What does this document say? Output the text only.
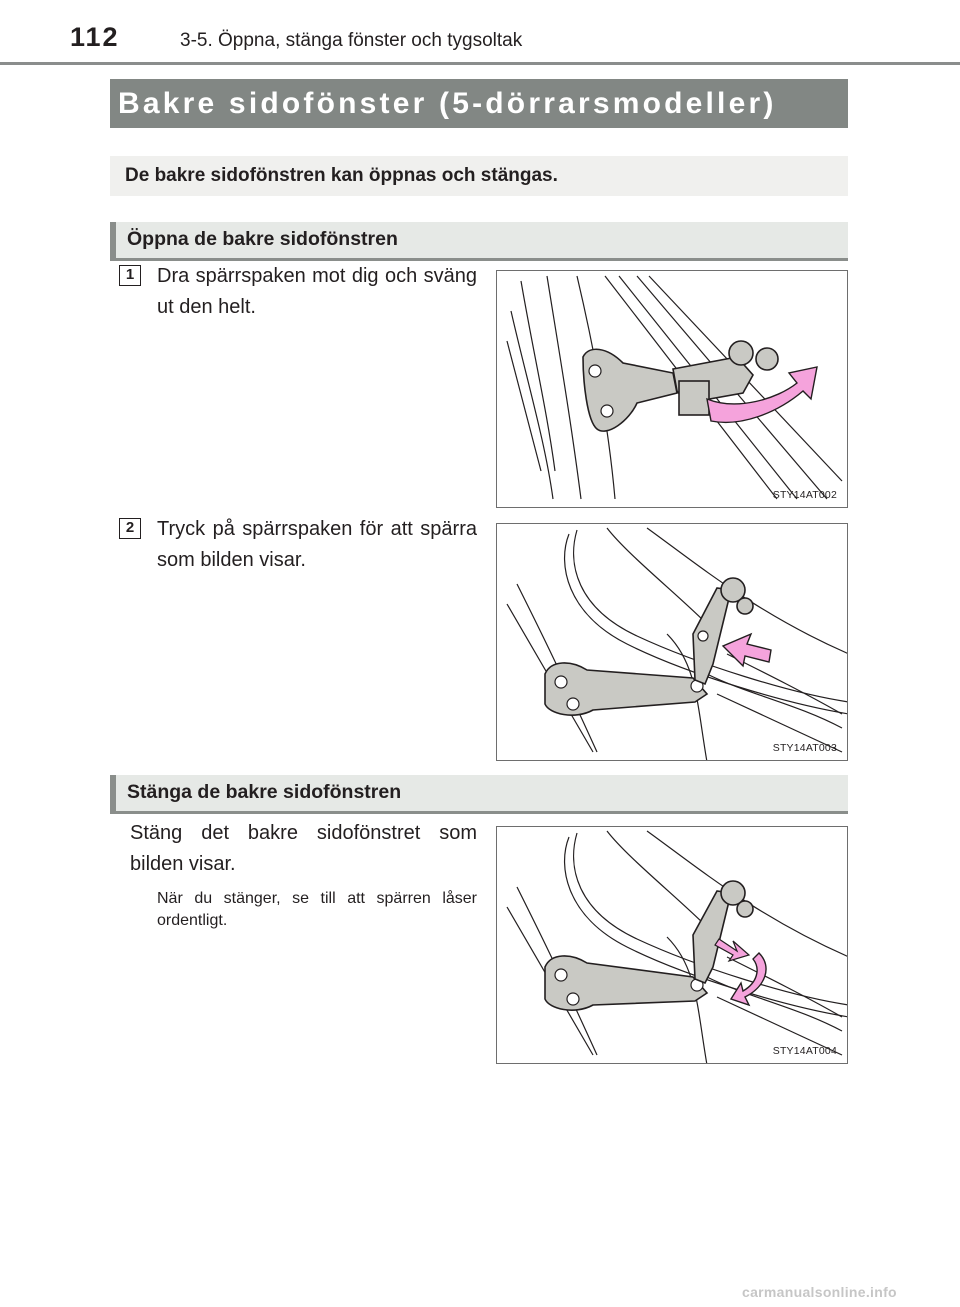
112	3-5. Öppna, stänga fönster och tygsoltak
Bakre sidofönster (5-dörrarsmodeller)
De bakre sidofönstren kan öppnas och stängas.
Öppna de bakre sidofönstren
1	Dra spärrspaken mot dig och sväng ut den helt.
STY14AT002
2	Tryck på spärrspaken för att spärra som bilden visar.
STY14AT003
Stänga de bakre sidofönstren
Stäng det bakre sidofönstret som bilden visar.
När du stänger, se till att spärren låser ordentligt.
STY14AT004
carmanualsonline.info
